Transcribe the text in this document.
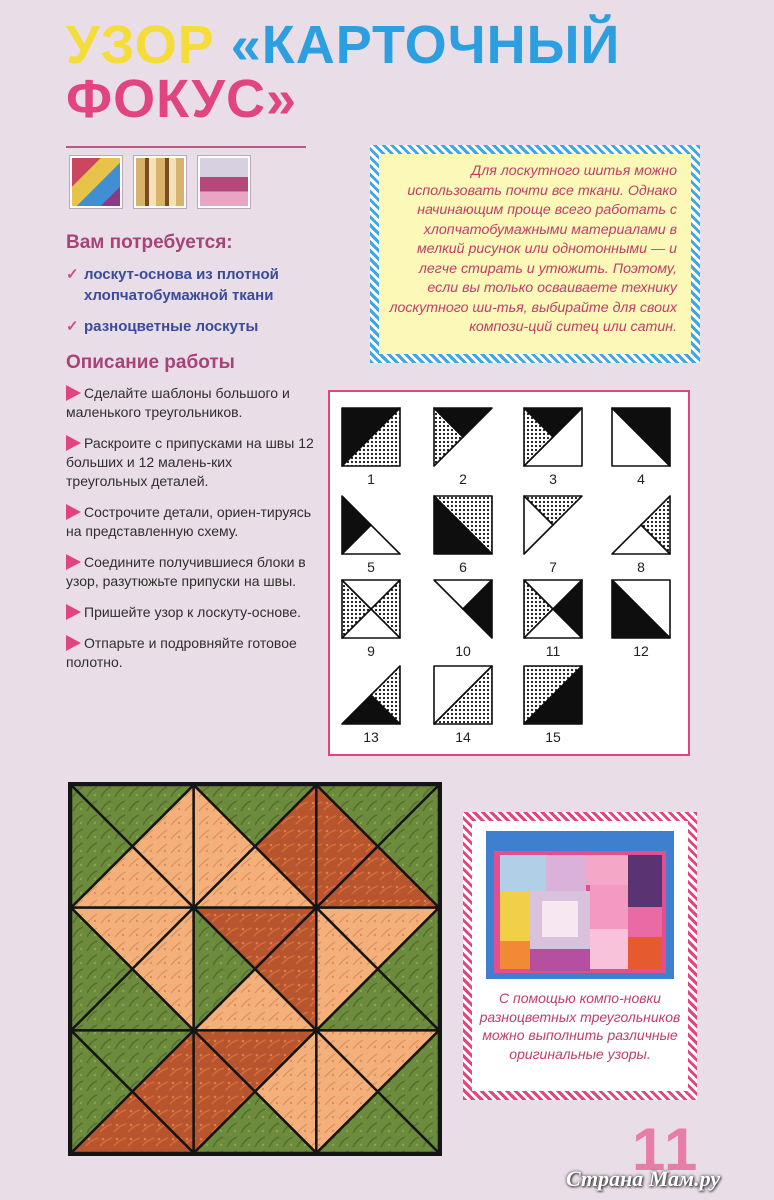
УЗОР «КАРТОЧНЫЙ
ФОКУС»
Вам потребуется:
✓ лоскут-основа из плотной хлопчатобумажной ткани
✓ разноцветные лоскуты
Описание работы
Сделайте шаблоны большого и маленького треугольников.
Раскроите с припусками на швы 12 больших и 12 малень-ких треугольных деталей.
Сострочите детали, ориен-тируясь на представленную схему.
Соедините получившиеся блоки в узор, разутюжьте припуски на швы.
Пришейте узор к лоскуту-основе.
Отпарьте и подровняйте готовое полотно.

Для лоскутного шитья можно использовать почти все ткани. Однако начинающим проще всего работать с хлопчатобумажными материалами в мелкий рисунок или однотонными — и легче стирать и утюжить. Поэтому, если вы только осваиваете технику лоскутного ши-тья, выбирайте для своих компози-ций ситец или сатин.

1	2	3	4
5	6	7	8
9	10	11	12
13	14	15
С помощью компо-новки разноцветных треугольников можно выполнить различные оригинальные узоры.
11
Страна Мам.ру
